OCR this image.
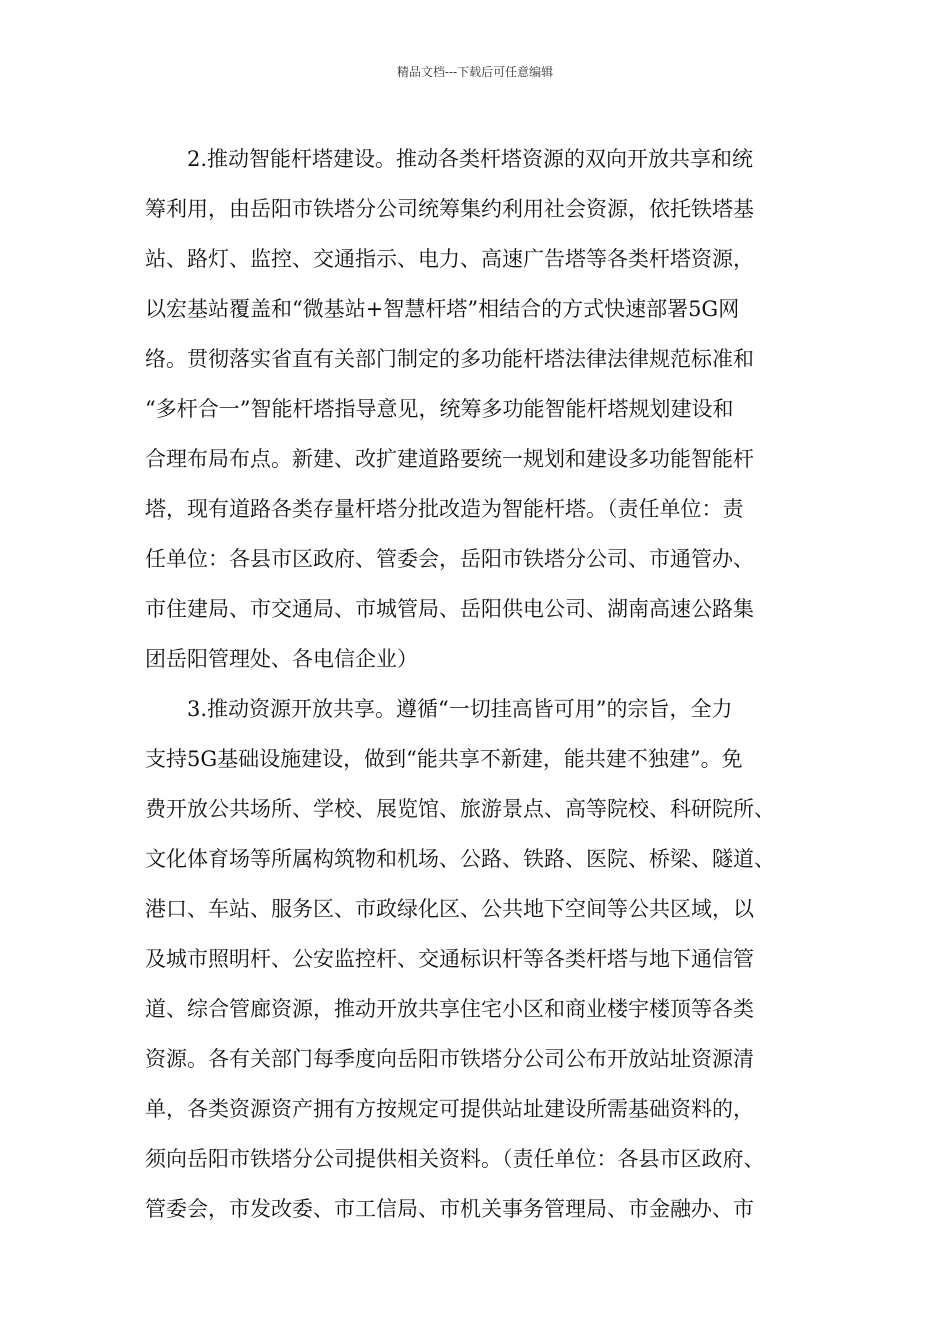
精品文档---下载后可任意编辑
　　2.推动智能杆塔建设。推动各类杆塔资源的双向开放共享和统
筹利用，由岳阳市铁塔分公司统筹集约利用社会资源，依托铁塔基
站、路灯、监控、交通指示、电力、高速广告塔等各类杆塔资源，
以宏基站覆盖和“微基站+智慧杆塔”相结合的方式快速部署5G网
络。贯彻落实省直有关部门制定的多功能杆塔法律法律规范标准和
“多杆合一”智能杆塔指导意见，统筹多功能智能杆塔规划建设和
合理布局布点。新建、改扩建道路要统一规划和建设多功能智能杆
塔，现有道路各类存量杆塔分批改造为智能杆塔。（责任单位：责
任单位：各县市区政府、管委会，岳阳市铁塔分公司、市通管办、
市住建局、市交通局、市城管局、岳阳供电公司、湖南高速公路集
团岳阳管理处、各电信企业）
　　3.推动资源开放共享。遵循“一切挂高皆可用”的宗旨，全力
支持5G基础设施建设，做到“能共享不新建，能共建不独建”。免
费开放公共场所、学校、展览馆、旅游景点、高等院校、科研院所、
文化体育场等所属构筑物和机场、公路、铁路、医院、桥梁、隧道、
港口、车站、服务区、市政绿化区、公共地下空间等公共区域，以
及城市照明杆、公安监控杆、交通标识杆等各类杆塔与地下通信管
道、综合管廊资源，推动开放共享住宅小区和商业楼宇楼顶等各类
资源。各有关部门每季度向岳阳市铁塔分公司公布开放站址资源清
单，各类资源资产拥有方按规定可提供站址建设所需基础资料的，
须向岳阳市铁塔分公司提供相关资料。（责任单位：各县市区政府、
管委会，市发改委、市工信局、市机关事务管理局、市金融办、市
